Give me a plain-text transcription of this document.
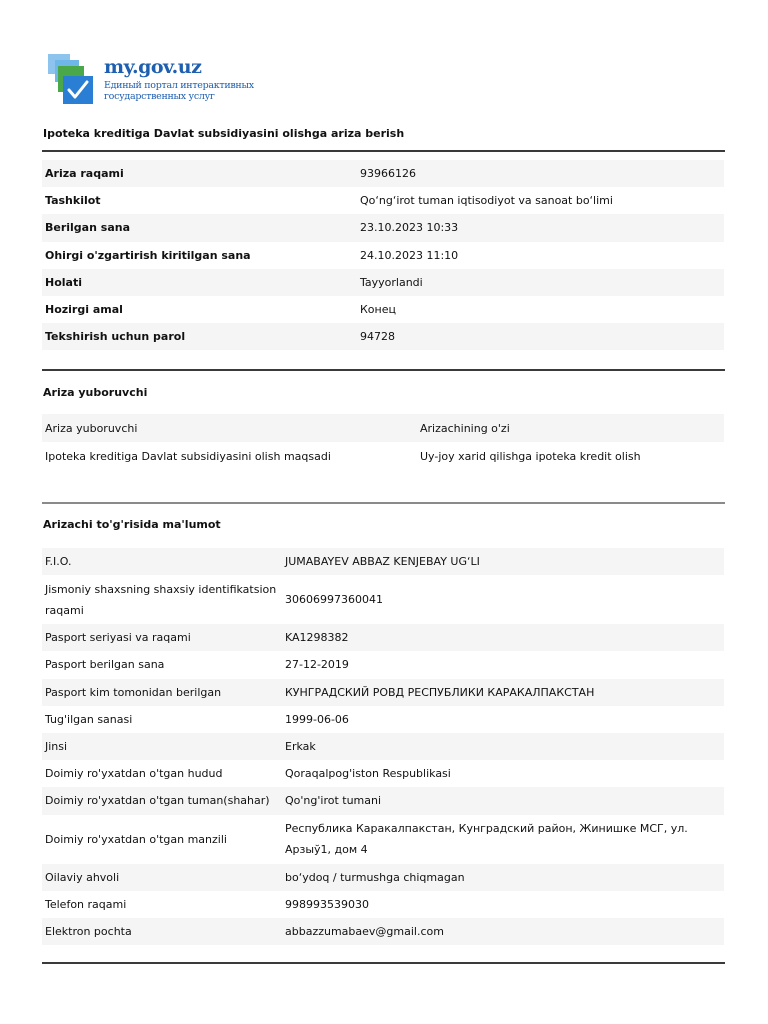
my.gov.uz
Единый портал интерактивных государственных услуг
Ipoteka kreditiga Davlat subsidiyasini olishga ariza berish
Ariza raqami	93966126
Tashkilot	Qo‘ng‘irot tuman iqtisodiyot va sanoat bo‘limi
Berilgan sana	23.10.2023 10:33
Ohirgi o'zgartirish kiritilgan sana	24.10.2023 11:10
Holati	Tayyorlandi
Hozirgi amal	Конец
Tekshirish uchun parol	94728
Ariza yuboruvchi
Ariza yuboruvchi	Arizachining o'zi
Ipoteka kreditiga Davlat subsidiyasini olish maqsadi	Uy-joy xarid qilishga ipoteka kredit olish
Arizachi to'g'risida ma'lumot
F.I.O.	JUMABAYEV ABBAZ KENJEBAY UG‘LI
Jismoniy shaxsning shaxsiy identifikatsion raqami	30606997360041
Pasport seriyasi va raqami	KA1298382
Pasport berilgan sana	27-12-2019
Pasport kim tomonidan berilgan	КУНГРАДСКИЙ РОВД РЕСПУБЛИКИ КАРАКАЛПАКСТАН
Tug'ilgan sanasi	1999-06-06
Jinsi	Erkak
Doimiy ro'yxatdan o'tgan hudud	Qoraqalpog'iston Respublikasi
Doimiy ro'yxatdan o'tgan tuman(shahar)	Qo'ng'irot tumani
Doimiy ro'yxatdan o'tgan manzili	Республика Каракалпакстан, Кунградский район, Жинишке МСГ, ул. Арзыў1, дом 4
Oilaviy ahvoli	bo‘ydoq / turmushga chiqmagan
Telefon raqami	998993539030
Elektron pochta	abbazzumabaev@gmail.com
